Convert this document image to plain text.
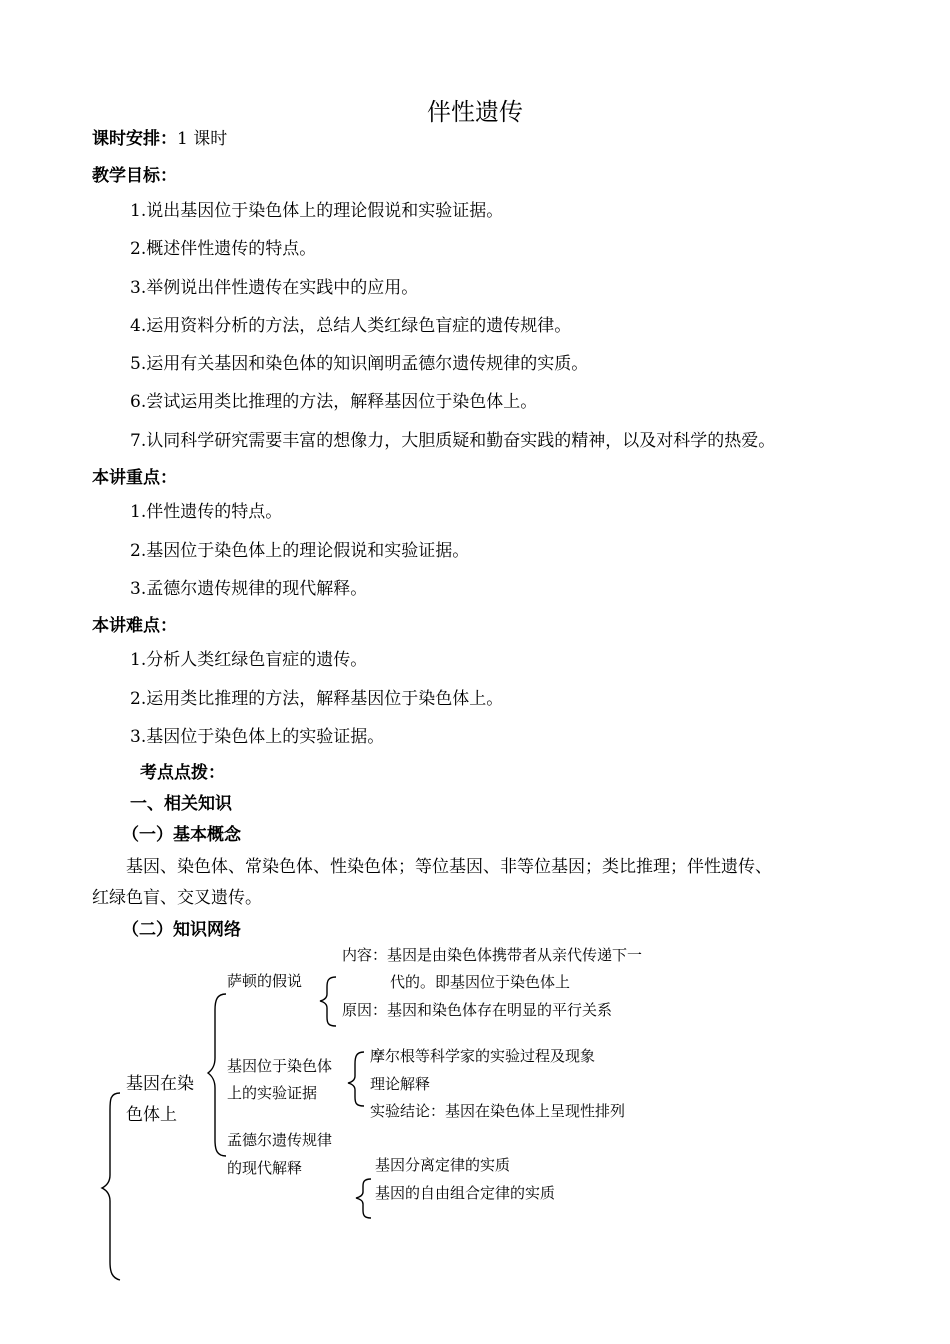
伴性遗传
课时安排：1 课时
教学目标：
1.说出基因位于染色体上的理论假说和实验证据。
2.概述伴性遗传的特点。
3.举例说出伴性遗传在实践中的应用。
4.运用资料分析的方法，总结人类红绿色盲症的遗传规律。
5.运用有关基因和染色体的知识阐明孟德尔遗传规律的实质。
6.尝试运用类比推理的方法，解释基因位于染色体上。
7.认同科学研究需要丰富的想像力，大胆质疑和勤奋实践的精神，以及对科学的热爱。
本讲重点：
1.伴性遗传的特点。
2.基因位于染色体上的理论假说和实验证据。
3.孟德尔遗传规律的现代解释。
本讲难点：
1.分析人类红绿色盲症的遗传。
2.运用类比推理的方法，解释基因位于染色体上。
3.基因位于染色体上的实验证据。
考点点拨：
一、相关知识
（一）基本概念
基因、染色体、常染色体、性染色体；等位基因、非等位基因；类比推理；伴性遗传、
红绿色盲、交叉遗传。
（二）知识网络
基因在染
色体上
萨顿的假说
内容：基因是由染色体携带者从亲代传递下一
代的。即基因位于染色体上
原因：基因和染色体存在明显的平行关系
基因位于染色体
上的实验证据
摩尔根等科学家的实验过程及现象
理论解释
实验结论：基因在染色体上呈现性排列
孟德尔遗传规律
的现代解释	基因分离定律的实质
基因的自由组合定律的实质
